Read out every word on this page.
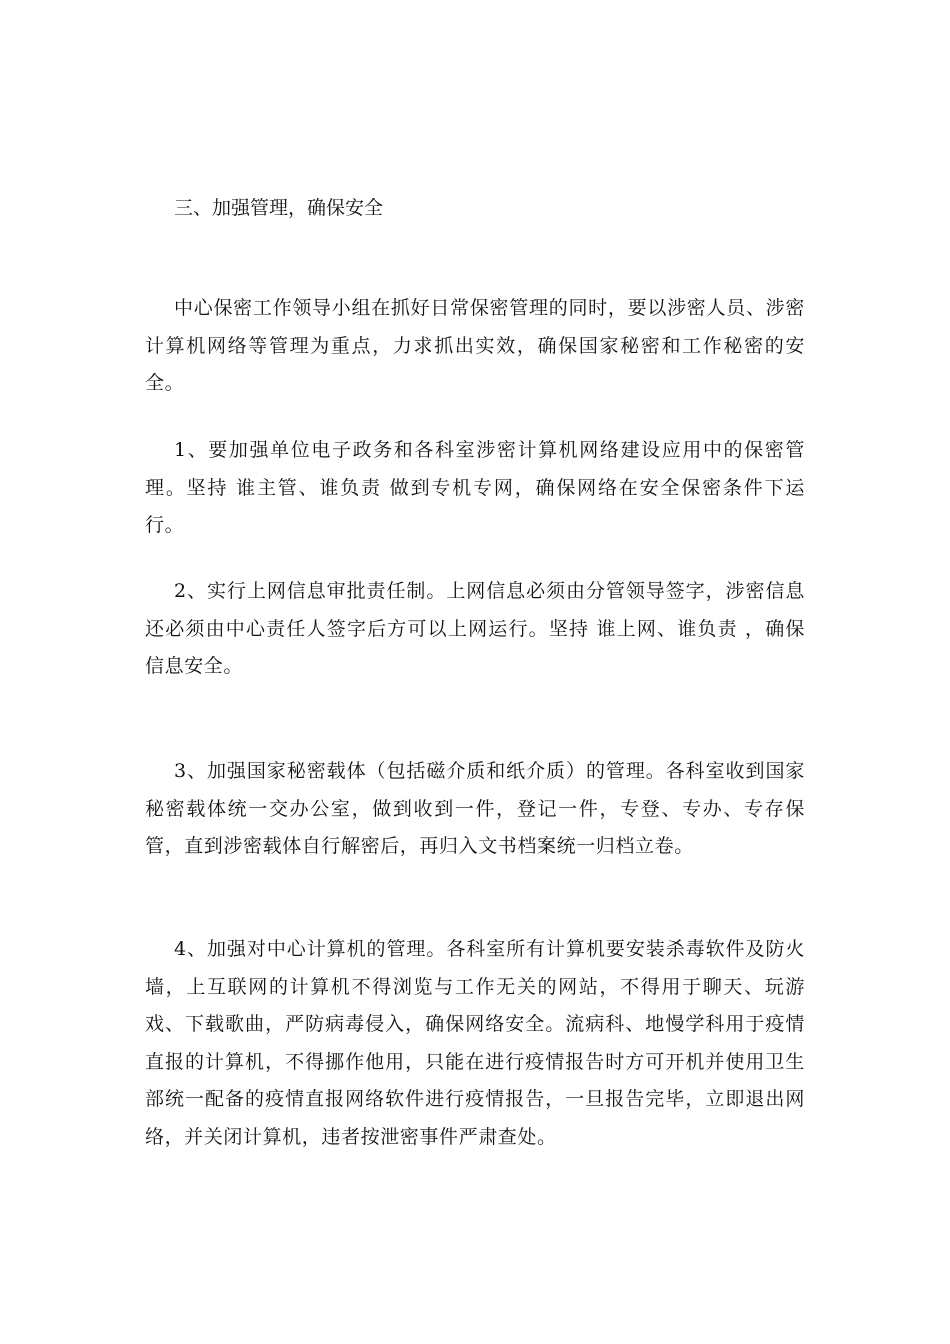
三、加强管理，确保安全

中心保密工作领导小组在抓好日常保密管理的同时，要以涉密人员、涉密计算机网络等管理为重点，力求抓出实效，确保国家秘密和工作秘密的安全。

1、要加强单位电子政务和各科室涉密计算机网络建设应用中的保密管理。坚持 谁主管、谁负责 做到专机专网，确保网络在安全保密条件下运行。

2、实行上网信息审批责任制。上网信息必须由分管领导签字，涉密信息还必须由中心责任人签字后方可以上网运行。坚持 谁上网、谁负责 ，确保信息安全。

3、加强国家秘密载体（包括磁介质和纸介质）的管理。各科室收到国家秘密载体统一交办公室，做到收到一件，登记一件，专登、专办、专存保管，直到涉密载体自行解密后，再归入文书档案统一归档立卷。

4、加强对中心计算机的管理。各科室所有计算机要安装杀毒软件及防火墙，上互联网的计算机不得浏览与工作无关的网站，不得用于聊天、玩游戏、下载歌曲，严防病毒侵入，确保网络安全。流病科、地慢学科用于疫情直报的计算机，不得挪作他用，只能在进行疫情报告时方可开机并使用卫生部统一配备的疫情直报网络软件进行疫情报告，一旦报告完毕，立即退出网络，并关闭计算机，违者按泄密事件严肃查处。
